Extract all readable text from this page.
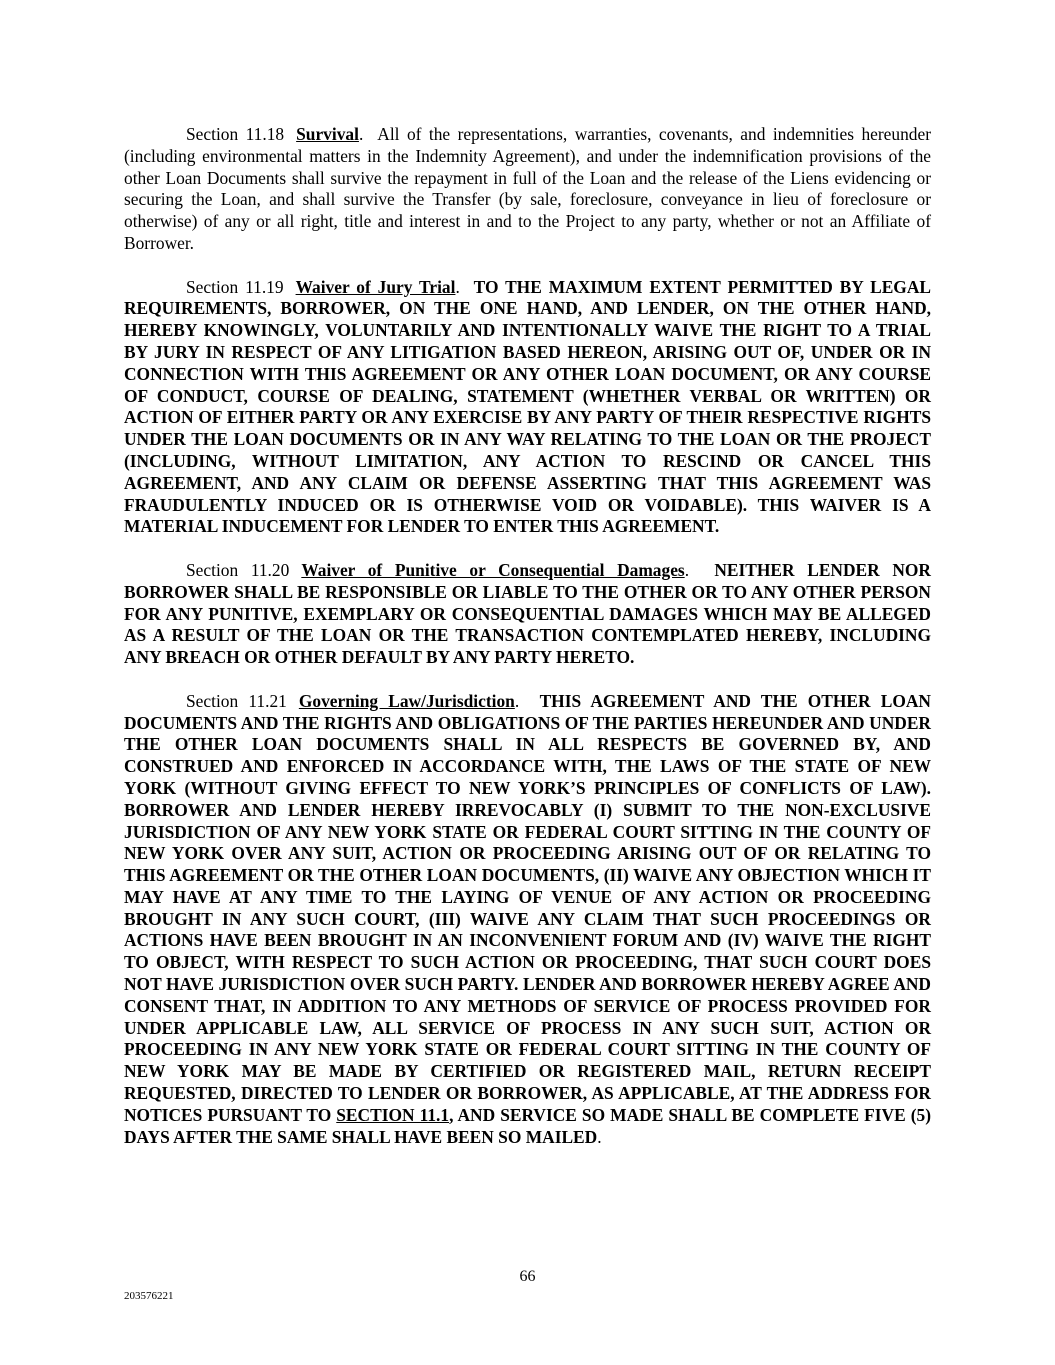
Section 11.18 Survival. All of the representations, warranties, covenants, and indemnities hereunder (including environmental matters in the Indemnity Agreement), and under the indemnification provisions of the other Loan Documents shall survive the repayment in full of the Loan and the release of the Liens evidencing or securing the Loan, and shall survive the Transfer (by sale, foreclosure, conveyance in lieu of foreclosure or otherwise) of any or all right, title and interest in and to the Project to any party, whether or not an Affiliate of Borrower.

Section 11.19 Waiver of Jury Trial. TO THE MAXIMUM EXTENT PERMITTED BY LEGAL REQUIREMENTS, BORROWER, ON THE ONE HAND, AND LENDER, ON THE OTHER HAND, HEREBY KNOWINGLY, VOLUNTARILY AND INTENTIONALLY WAIVE THE RIGHT TO A TRIAL BY JURY IN RESPECT OF ANY LITIGATION BASED HEREON, ARISING OUT OF, UNDER OR IN CONNECTION WITH THIS AGREEMENT OR ANY OTHER LOAN DOCUMENT, OR ANY COURSE OF CONDUCT, COURSE OF DEALING, STATEMENT (WHETHER VERBAL OR WRITTEN) OR ACTION OF EITHER PARTY OR ANY EXERCISE BY ANY PARTY OF THEIR RESPECTIVE RIGHTS UNDER THE LOAN DOCUMENTS OR IN ANY WAY RELATING TO THE LOAN OR THE PROJECT (INCLUDING, WITHOUT LIMITATION, ANY ACTION TO RESCIND OR CANCEL THIS AGREEMENT, AND ANY CLAIM OR DEFENSE ASSERTING THAT THIS AGREEMENT WAS FRAUDULENTLY INDUCED OR IS OTHERWISE VOID OR VOIDABLE). THIS WAIVER IS A MATERIAL INDUCEMENT FOR LENDER TO ENTER THIS AGREEMENT.

Section 11.20 Waiver of Punitive or Consequential Damages. NEITHER LENDER NOR BORROWER SHALL BE RESPONSIBLE OR LIABLE TO THE OTHER OR TO ANY OTHER PERSON FOR ANY PUNITIVE, EXEMPLARY OR CONSEQUENTIAL DAMAGES WHICH MAY BE ALLEGED AS A RESULT OF THE LOAN OR THE TRANSACTION CONTEMPLATED HEREBY, INCLUDING ANY BREACH OR OTHER DEFAULT BY ANY PARTY HERETO.

Section 11.21 Governing Law/Jurisdiction. THIS AGREEMENT AND THE OTHER LOAN DOCUMENTS AND THE RIGHTS AND OBLIGATIONS OF THE PARTIES HEREUNDER AND UNDER THE OTHER LOAN DOCUMENTS SHALL IN ALL RESPECTS BE GOVERNED BY, AND CONSTRUED AND ENFORCED IN ACCORDANCE WITH, THE LAWS OF THE STATE OF NEW YORK (WITHOUT GIVING EFFECT TO NEW YORK’S PRINCIPLES OF CONFLICTS OF LAW). BORROWER AND LENDER HEREBY IRREVOCABLY (I) SUBMIT TO THE NON-EXCLUSIVE JURISDICTION OF ANY NEW YORK STATE OR FEDERAL COURT SITTING IN THE COUNTY OF NEW YORK OVER ANY SUIT, ACTION OR PROCEEDING ARISING OUT OF OR RELATING TO THIS AGREEMENT OR THE OTHER LOAN DOCUMENTS, (II) WAIVE ANY OBJECTION WHICH IT MAY HAVE AT ANY TIME TO THE LAYING OF VENUE OF ANY ACTION OR PROCEEDING BROUGHT IN ANY SUCH COURT, (III) WAIVE ANY CLAIM THAT SUCH PROCEEDINGS OR ACTIONS HAVE BEEN BROUGHT IN AN INCONVENIENT FORUM AND (IV) WAIVE THE RIGHT TO OBJECT, WITH RESPECT TO SUCH ACTION OR PROCEEDING, THAT SUCH COURT DOES NOT HAVE JURISDICTION OVER SUCH PARTY. LENDER AND BORROWER HEREBY AGREE AND CONSENT THAT, IN ADDITION TO ANY METHODS OF SERVICE OF PROCESS PROVIDED FOR UNDER APPLICABLE LAW, ALL SERVICE OF PROCESS IN ANY SUCH SUIT, ACTION OR PROCEEDING IN ANY NEW YORK STATE OR FEDERAL COURT SITTING IN THE COUNTY OF NEW YORK MAY BE MADE BY CERTIFIED OR REGISTERED MAIL, RETURN RECEIPT REQUESTED, DIRECTED TO LENDER OR BORROWER, AS APPLICABLE, AT THE ADDRESS FOR NOTICES PURSUANT TO SECTION 11.1, AND SERVICE SO MADE SHALL BE COMPLETE FIVE (5) DAYS AFTER THE SAME SHALL HAVE BEEN SO MAILED.

66
203576221
